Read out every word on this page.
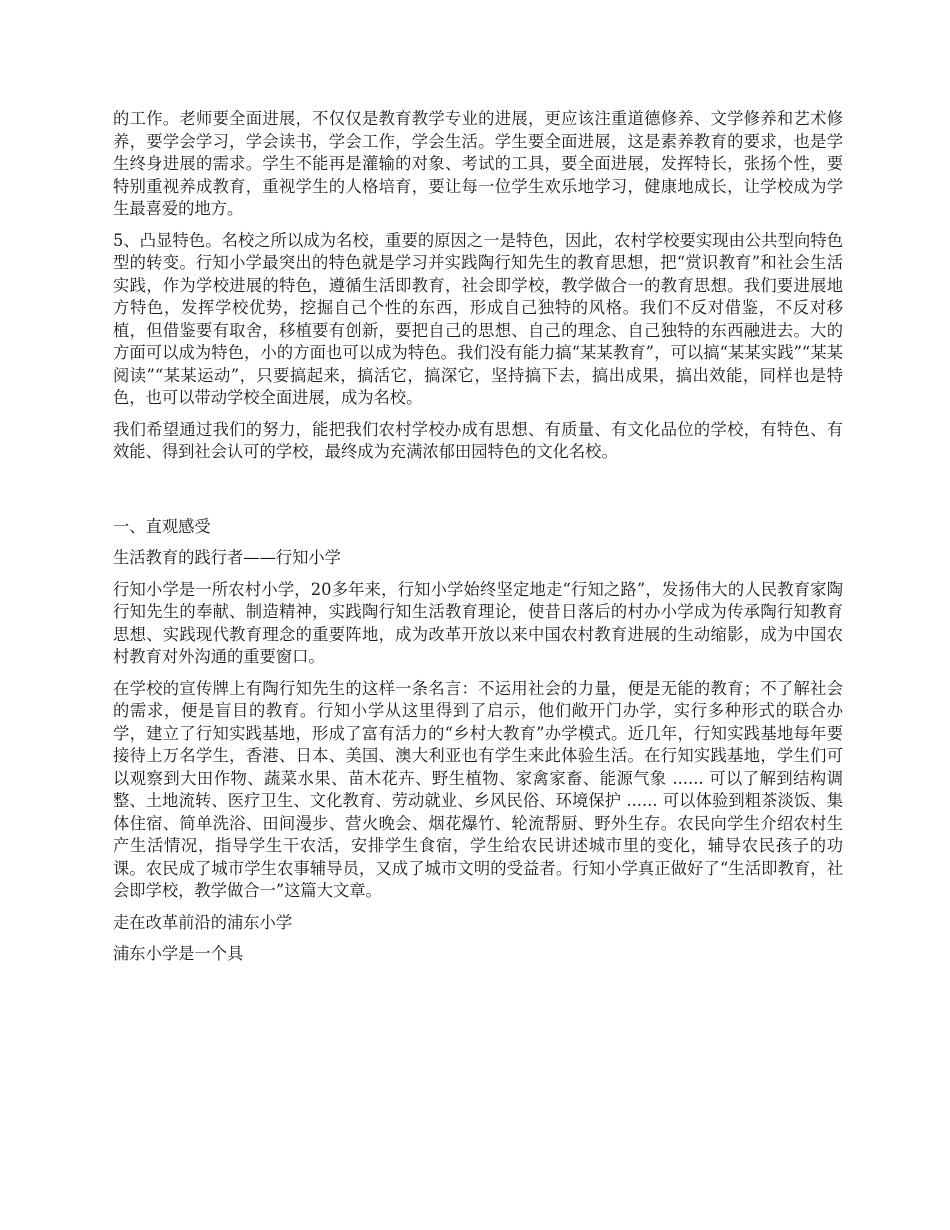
的工作。老师要全面进展，不仅仅是教育教学专业的进展，更应该注重道德修养、文学修养和艺术修养，要学会学习，学会读书，学会工作，学会生活。学生要全面进展，这是素养教育的要求，也是学生终身进展的需求。学生不能再是灌输的对象、考试的工具，要全面进展，发挥特长，张扬个性，要特别重视养成教育，重视学生的人格培育，要让每一位学生欢乐地学习，健康地成长，让学校成为学生最喜爱的地方。

5、凸显特色。名校之所以成为名校，重要的原因之一是特色，因此，农村学校要实现由公共型向特色型的转变。行知小学最突出的特色就是学习并实践陶行知先生的教育思想，把“赏识教育”和社会生活实践，作为学校进展的特色，遵循生活即教育，社会即学校，教学做合一的教育思想。我们要进展地方特色，发挥学校优势，挖掘自己个性的东西，形成自己独特的风格。我们不反对借鉴，不反对移植，但借鉴要有取舍，移植要有创新，要把自己的思想、自己的理念、自己独特的东西融进去。大的方面可以成为特色，小的方面也可以成为特色。我们没有能力搞“某某教育”，可以搞“某某实践”“某某阅读”“某某运动”，只要搞起来，搞活它，搞深它，坚持搞下去，搞出成果，搞出效能，同样也是特色，也可以带动学校全面进展，成为名校。

我们希望通过我们的努力，能把我们农村学校办成有思想、有质量、有文化品位的学校，有特色、有效能、得到社会认可的学校，最终成为充满浓郁田园特色的文化名校。

一、直观感受

生活教育的践行者——行知小学

行知小学是一所农村小学，20多年来，行知小学始终坚定地走“行知之路”，发扬伟大的人民教育家陶行知先生的奉献、制造精神，实践陶行知生活教育理论，使昔日落后的村办小学成为传承陶行知教育思想、实践现代教育理念的重要阵地，成为改革开放以来中国农村教育进展的生动缩影，成为中国农村教育对外沟通的重要窗口。

在学校的宣传牌上有陶行知先生的这样一条名言：不运用社会的力量，便是无能的教育；不了解社会的需求，便是盲目的教育。行知小学从这里得到了启示，他们敞开门办学，实行多种形式的联合办学，建立了行知实践基地，形成了富有活力的“乡村大教育”办学模式。近几年，行知实践基地每年要接待上万名学生，香港、日本、美国、澳大利亚也有学生来此体验生活。在行知实践基地，学生们可以观察到大田作物、蔬菜水果、苗木花卉、野生植物、家禽家畜、能源气象 ...... 可以了解到结构调整、土地流转、医疗卫生、文化教育、劳动就业、乡风民俗、环境保护 ...... 可以体验到粗茶淡饭、集体住宿、简单洗浴、田间漫步、营火晚会、烟花爆竹、轮流帮厨、野外生存。农民向学生介绍农村生产生活情况，指导学生干农活，安排学生食宿，学生给农民讲述城市里的变化，辅导农民孩子的功课。农民成了城市学生农事辅导员，又成了城市文明的受益者。行知小学真正做好了“生活即教育，社会即学校，教学做合一”这篇大文章。

走在改革前沿的浦东小学

浦东小学是一个具
